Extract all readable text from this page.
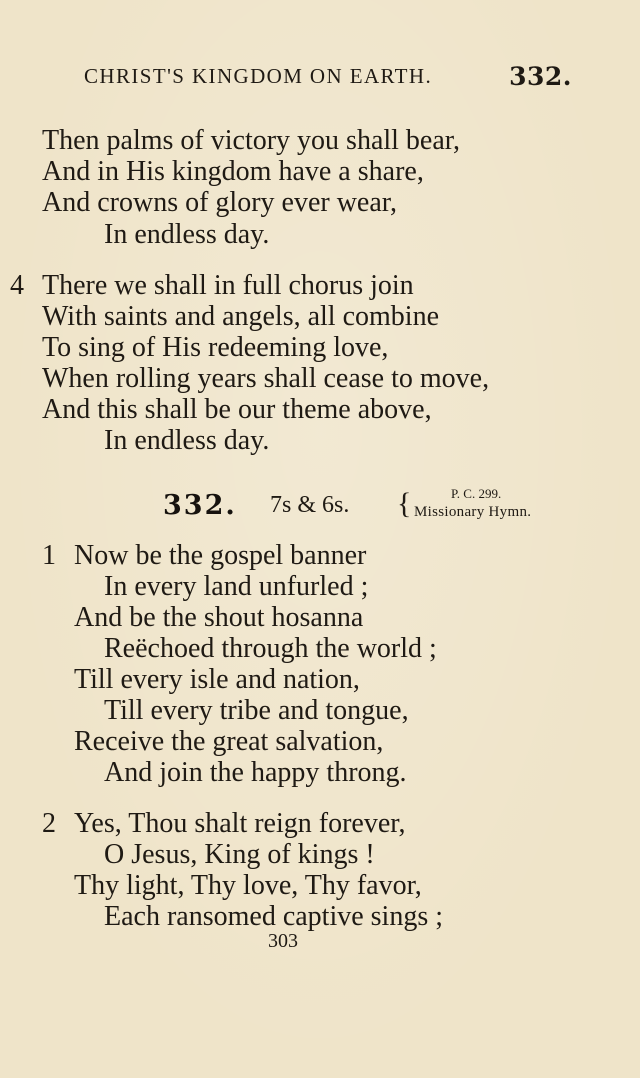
CHRIST'S KINGDOM ON EARTH.	332.
Then palms of victory you shall bear,
And in His kingdom have a share,
And crowns of glory ever wear,
In endless day.
4 There we shall in full chorus join
With saints and angels, all combine
To sing of His redeeming love,
When rolling years shall cease to move,
And this shall be our theme above,
In endless day.
332. 7s & 6s. {	P. C. 299.
Missionary Hymn.
1 Now be the gospel banner
In every land unfurled ;
And be the shout hosanna
Reëchoed through the world ;
Till every isle and nation,
Till every tribe and tongue,
Receive the great salvation,
And join the happy throng.
2 Yes, Thou shalt reign forever,
O Jesus, King of kings !
Thy light, Thy love, Thy favor,
Each ransomed captive sings ;
303
